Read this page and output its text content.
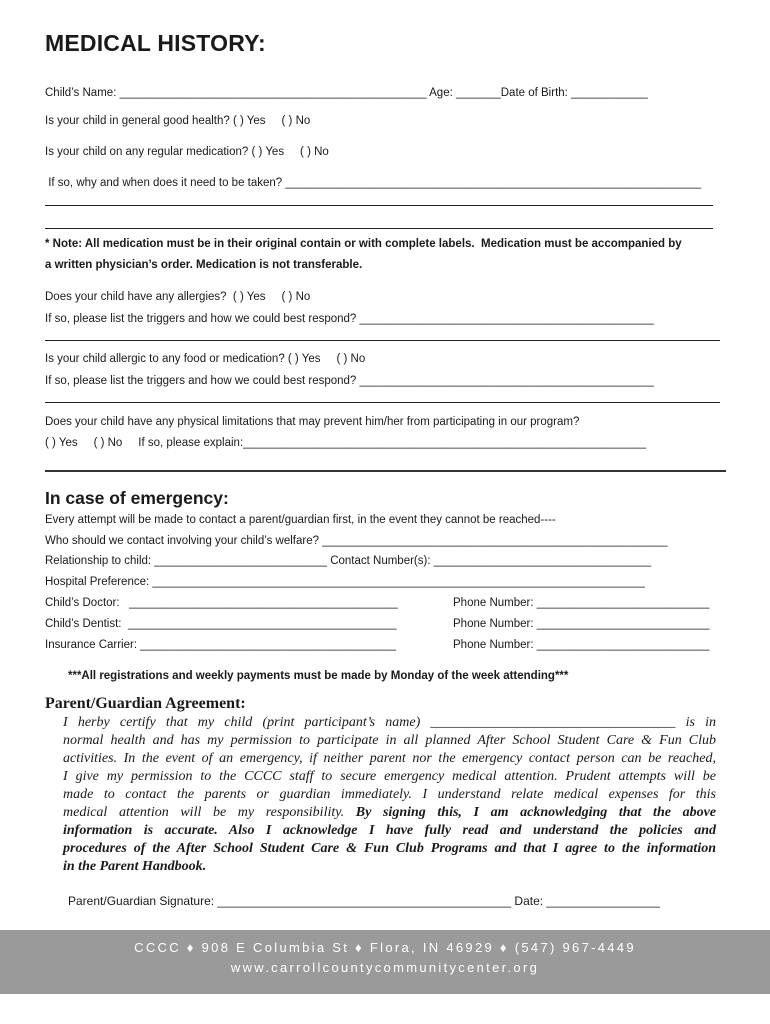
MEDICAL HISTORY:
Child’s Name: ________________________________________________ Age: _______Date of Birth: ____________
Is your child in general good health? ( ) Yes     ( ) No
Is your child on any regular medication? ( ) Yes     ( ) No
If so, why and when does it need to be taken? _________________________________________________________________
* Note: All medication must be in their original contain or with complete labels.  Medication must be accompanied by
a written physician’s order. Medication is not transferable.
Does your child have any allergies?  ( ) Yes     ( ) No
If so, please list the triggers and how we could best respond? ______________________________________________
Is your child allergic to any food or medication? ( ) Yes     ( ) No
If so, please list the triggers and how we could best respond? ______________________________________________
Does your child have any physical limitations that may prevent him/her from participating in our program?
( ) Yes     ( ) No     If so, please explain:_______________________________________________________________
In case of emergency:
Every attempt will be made to contact a parent/guardian first, in the event they cannot be reached----
Who should we contact involving your child’s welfare? ______________________________________________________
Relationship to child: ___________________________ Contact Number(s): __________________________________
Hospital Preference: _____________________________________________________________________________
Child’s Doctor:   __________________________________________	Phone Number: ___________________________
Child’s Dentist:  __________________________________________	Phone Number: ___________________________
Insurance Carrier: ________________________________________	Phone Number: ___________________________
***All registrations and weekly payments must be made by Monday of the week attending***
Parent/Guardian Agreement:
I herby certify that my child (print participant’s name) ___________________________________ is in
normal health and has my permission to participate in all planned After School Student Care & Fun Club
activities. In the event of an emergency, if neither parent nor the emergency contact person can be reached,
I give my permission to the CCCC staff to secure emergency medical attention. Prudent attempts will be
made to contact the parents or guardian immediately. I understand relate medical expenses for this
medical attention will be my responsibility. By signing this, I am acknowledging that the above
information is accurate. Also I acknowledge I have fully read and understand the policies and
procedures of the After School Student Care & Fun Club Programs and that I agree to the information
in the Parent Handbook.
Parent/Guardian Signature: ____________________________________________ Date: _________________
CCCC ♦ 908 E Columbia St ♦ Flora, IN 46929 ♦ (547) 967-4449
www.carrollcountycommunitycenter.org
